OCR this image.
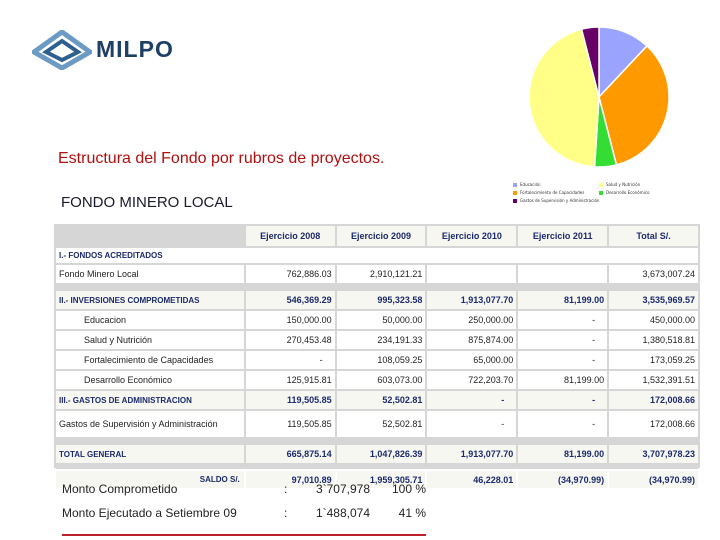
MILPO
Educación	Salud y Nutrición
Fortalecimiento de Capacidades	Desarrollo Económico
Gastos de Supervisión y Administración
Estructura del Fondo por rubros de proyectos.
FONDO MINERO LOCAL
	Ejercicio 2008	Ejercicio 2009	Ejercicio 2010	Ejercicio 2011	Total S/.
I.- FONDOS ACREDITADOS					
Fondo Minero Local	762,886.03	2,910,121.21			3,673,007.24

II.- INVERSIONES COMPROMETIDAS	546,369.29	995,323.58	1,913,077.70	81,199.00	3,535,969.57
Educacion	150,000.00	50,000.00	250,000.00	-	450,000.00
Salud y Nutrición	270,453.48	234,191.33	875,874.00	-	1,380,518.81
Fortalecimiento de Capacidades	-	108,059.25	65,000.00	-	173,059.25
Desarrollo Económico	125,915.81	603,073.00	722,203.70	81,199.00	1,532,391.51
III.- GASTOS DE ADMINISTRACION	119,505.85	52,502.81	-	-	172,008.66
Gastos de Supervisión y Administración	119,505.85	52,502.81	-	-	172,008.66

TOTAL GENERAL	665,875.14	1,047,826.39	1,913,077.70	81,199.00	3,707,978.23

SALDO S/.	97,010.89	1,959,305.71	46,228.01	(34,970.99)	(34,970.99)
Monto Comprometido	:	3`707,978	100 %
Monto Ejecutado a Setiembre 09	:	1`488,074	41 %
